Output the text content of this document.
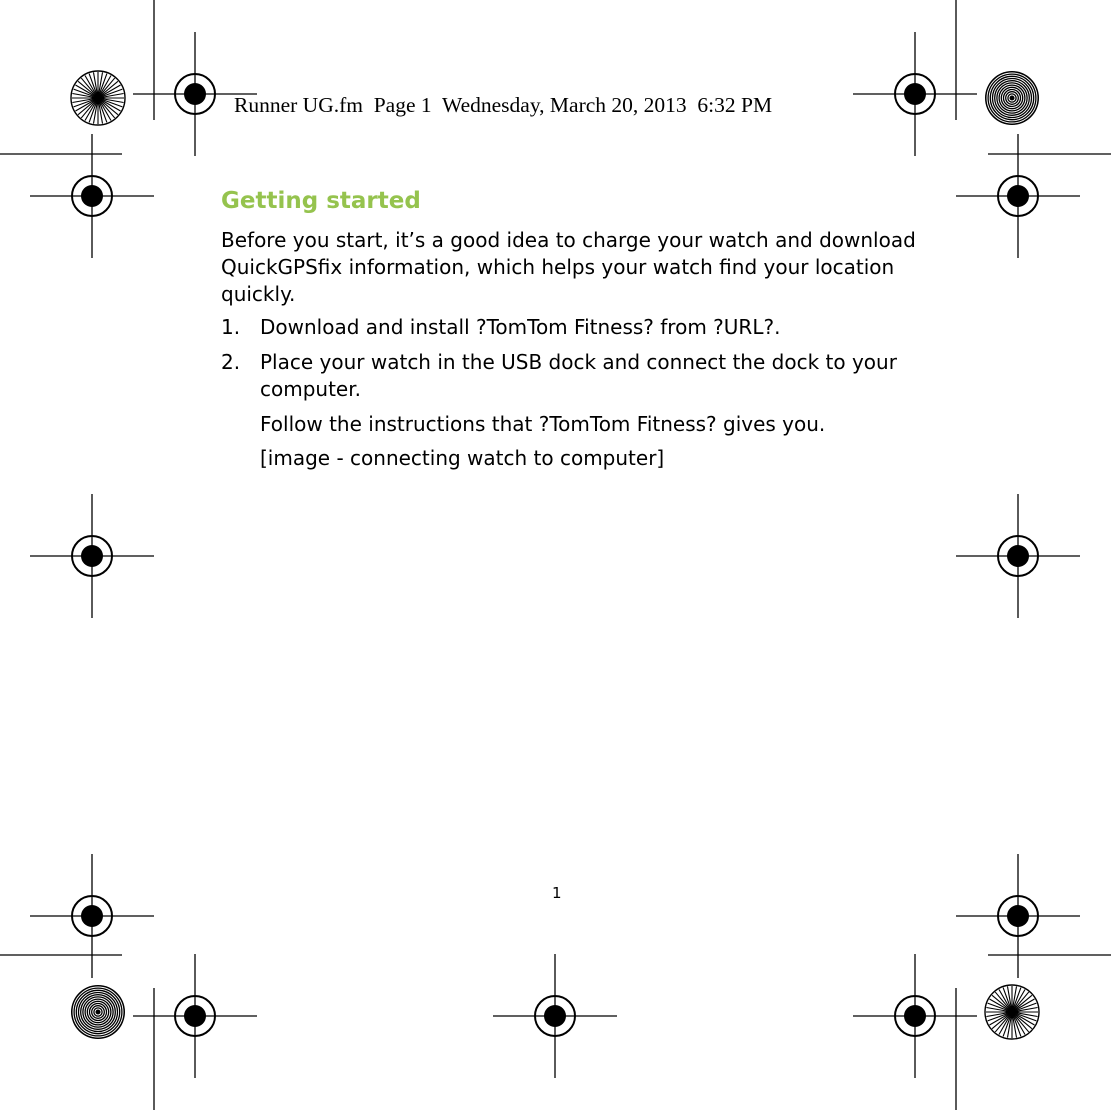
Runner UG.fm  Page 1  Wednesday, March 20, 2013  6:32 PM
Getting started

Before you start, it’s a good idea to charge your watch and download QuickGPSfix information, which helps your watch find your location quickly.

1. Download and install ?TomTom Fitness? from ?URL?.

2. Place your watch in the USB dock and connect the dock to your computer.

Follow the instructions that ?TomTom Fitness? gives you.

[image - connecting watch to computer]

1
